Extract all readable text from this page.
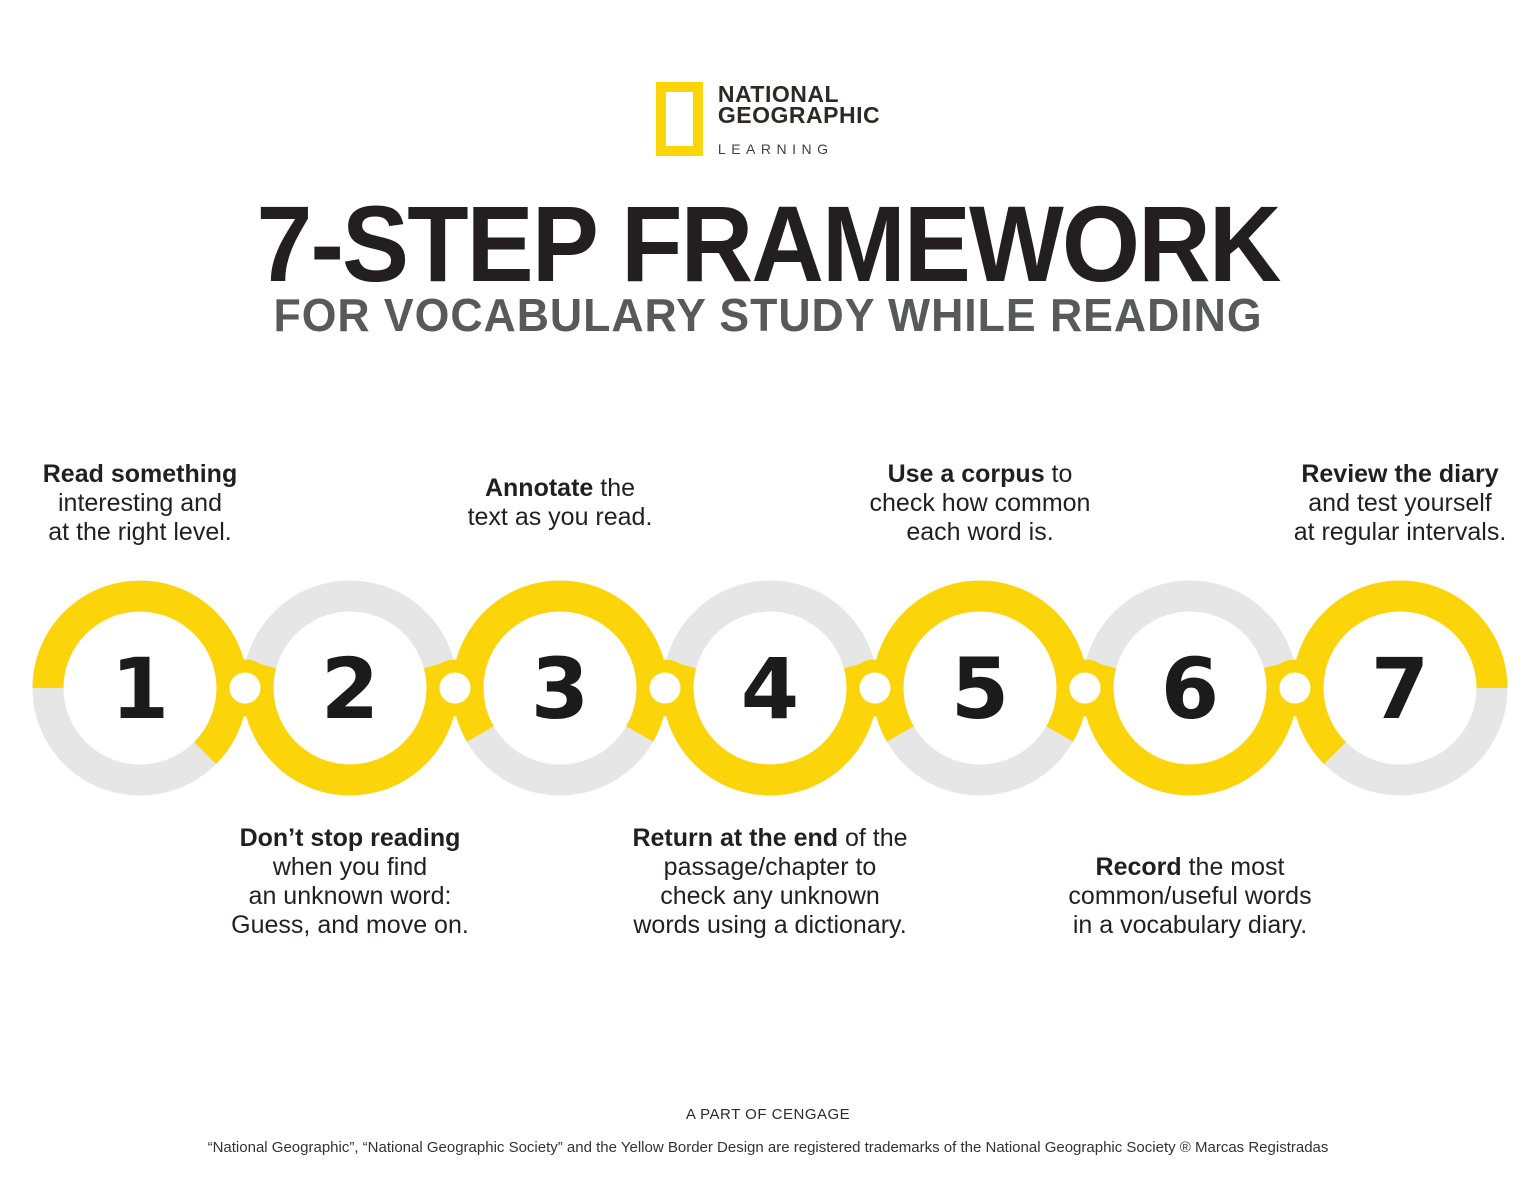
NATIONAL
GEOGRAPHIC
LEARNING
7-STEP FRAMEWORK
FOR VOCABULARY STUDY WHILE READING
Read something
interesting and
at the right level.
Annotate the
text as you read.
Use a corpus to
check how common
each word is.
Review the diary
and test yourself
at regular intervals.
1 2 3 4 5 6 7
Don’t stop reading
when you find
an unknown word:
Guess, and move on.
Return at the end of the
passage/chapter to
check any unknown
words using a dictionary.
Record the most
common/useful words
in a vocabulary diary.
A PART OF CENGAGE
“National Geographic”, “National Geographic Society” and the Yellow Border Design are registered trademarks of the National Geographic Society ® Marcas Registradas
